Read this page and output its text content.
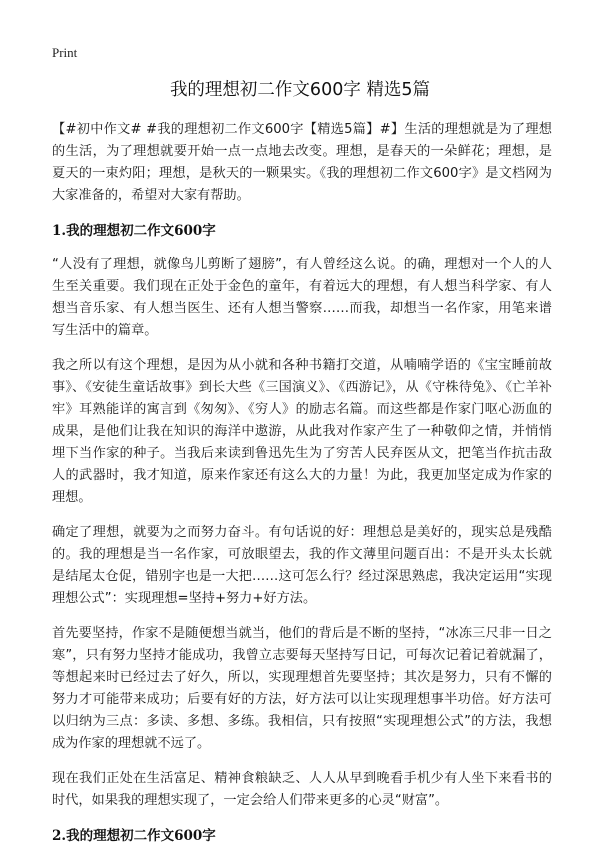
Print
我的理想初二作文600字 精选5篇

【#初中作文# #我的理想初二作文600字【精选5篇】#】生活的理想就是为了理想的生活，为了理想就要开始一点一点地去改变。理想，是春天的一朵鲜花；理想，是夏天的一束灼阳；理想，是秋天的一颗果实。《我的理想初二作文600字》是文档网为大家准备的，希望对大家有帮助。

1.我的理想初二作文600字

“人没有了理想，就像鸟儿剪断了翅膀”，有人曾经这么说。的确，理想对一个人的人生至关重要。我们现在正处于金色的童年，有着远大的理想，有人想当科学家、有人想当音乐家、有人想当医生、还有人想当警察……而我，却想当一名作家，用笔来谱写生活中的篇章。

我之所以有这个理想，是因为从小就和各种书籍打交道，从喃喃学语的《宝宝睡前故事》、《安徒生童话故事》到长大些《三国演义》、《西游记》，从《守株待兔》、《亡羊补牢》耳熟能详的寓言到《匆匆》、《穷人》的励志名篇。而这些都是作家门呕心沥血的成果，是他们让我在知识的海洋中遨游，从此我对作家产生了一种敬仰之情，并悄悄埋下当作家的种子。当我后来读到鲁迅先生为了穷苦人民弃医从文，把笔当作抗击敌人的武器时，我才知道，原来作家还有这么大的力量！为此，我更加坚定成为作家的理想。

确定了理想，就要为之而努力奋斗。有句话说的好：理想总是美好的，现实总是残酷的。我的理想是当一名作家，可放眼望去，我的作文薄里问题百出：不是开头太长就是结尾太仓促，错别字也是一大把……这可怎么行？经过深思熟虑，我决定运用“实现理想公式”：实现理想=坚持+努力+好方法。

首先要坚持，作家不是随便想当就当，他们的背后是不断的坚持，“冰冻三尺非一日之寒”，只有努力坚持才能成功，我曾立志要每天坚持写日记，可每次记着记着就漏了，等想起来时已经过去了好久，所以，实现理想首先要坚持；其次是努力，只有不懈的努力才可能带来成功；后要有好的方法，好方法可以让实现理想事半功倍。好方法可以归纳为三点：多读、多想、多练。我相信，只有按照“实现理想公式”的方法，我想成为作家的理想就不远了。

现在我们正处在生活富足、精神食粮缺乏、人人从早到晚看手机少有人坐下来看书的时代，如果我的理想实现了，一定会给人们带来更多的心灵“财富”。

2.我的理想初二作文600字
